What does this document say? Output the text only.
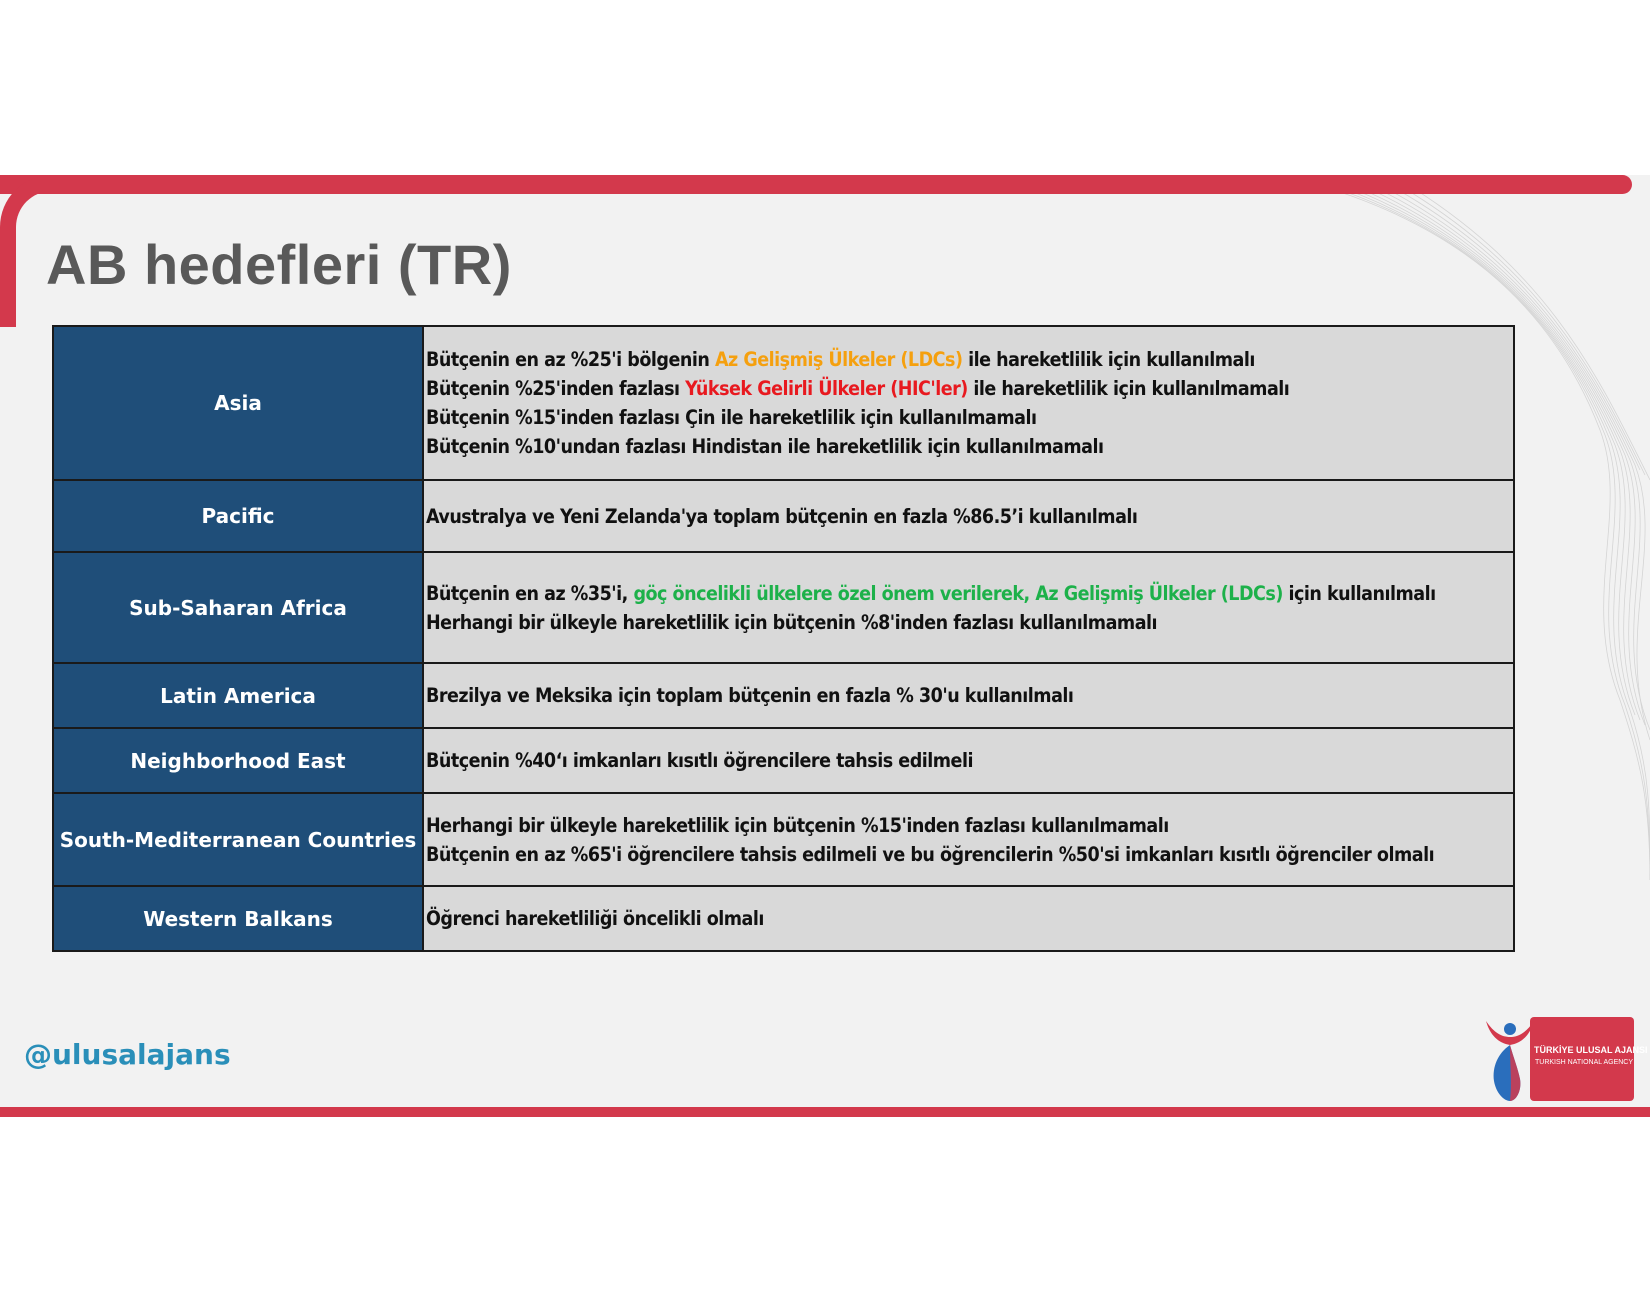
AB hedefleri (TR)
Asia	Bütçenin en az %25'i bölgenin Az Gelişmiş Ülkeler (LDCs) ile hareketlilik için kullanılmalı
Bütçenin %25'inden fazlası Yüksek Gelirli Ülkeler (HIC'ler) ile hareketlilik için kullanılmamalı
Bütçenin %15'inden fazlası Çin ile hareketlilik için kullanılmamalı
Bütçenin %10'undan fazlası Hindistan ile hareketlilik için kullanılmamalı

Pacific	Avustralya ve Yeni Zelanda'ya toplam bütçenin en fazla %86.5’i kullanılmalı

Sub-Saharan Africa	Bütçenin en az %35'i, göç öncelikli ülkelere özel önem verilerek, Az Gelişmiş Ülkeler (LDCs) için kullanılmalı
Herhangi bir ülkeyle hareketlilik için bütçenin %8'inden fazlası kullanılmamalı

Latin America	Brezilya ve Meksika için toplam bütçenin en fazla % 30'u kullanılmalı

Neighborhood East	Bütçenin %40‘ı imkanları kısıtlı öğrencilere tahsis edilmeli

South-Mediterranean Countries	Herhangi bir ülkeyle hareketlilik için bütçenin %15'inden fazlası kullanılmamalı
Bütçenin en az %65'i öğrencilere tahsis edilmeli ve bu öğrencilerin %50'si imkanları kısıtlı öğrenciler olmalı

Western Balkans	Öğrenci hareketliliği öncelikli olmalı
@ulusalajans	TÜRKİYE ULUSAL AJANSI
TURKISH NATIONAL AGENCY
